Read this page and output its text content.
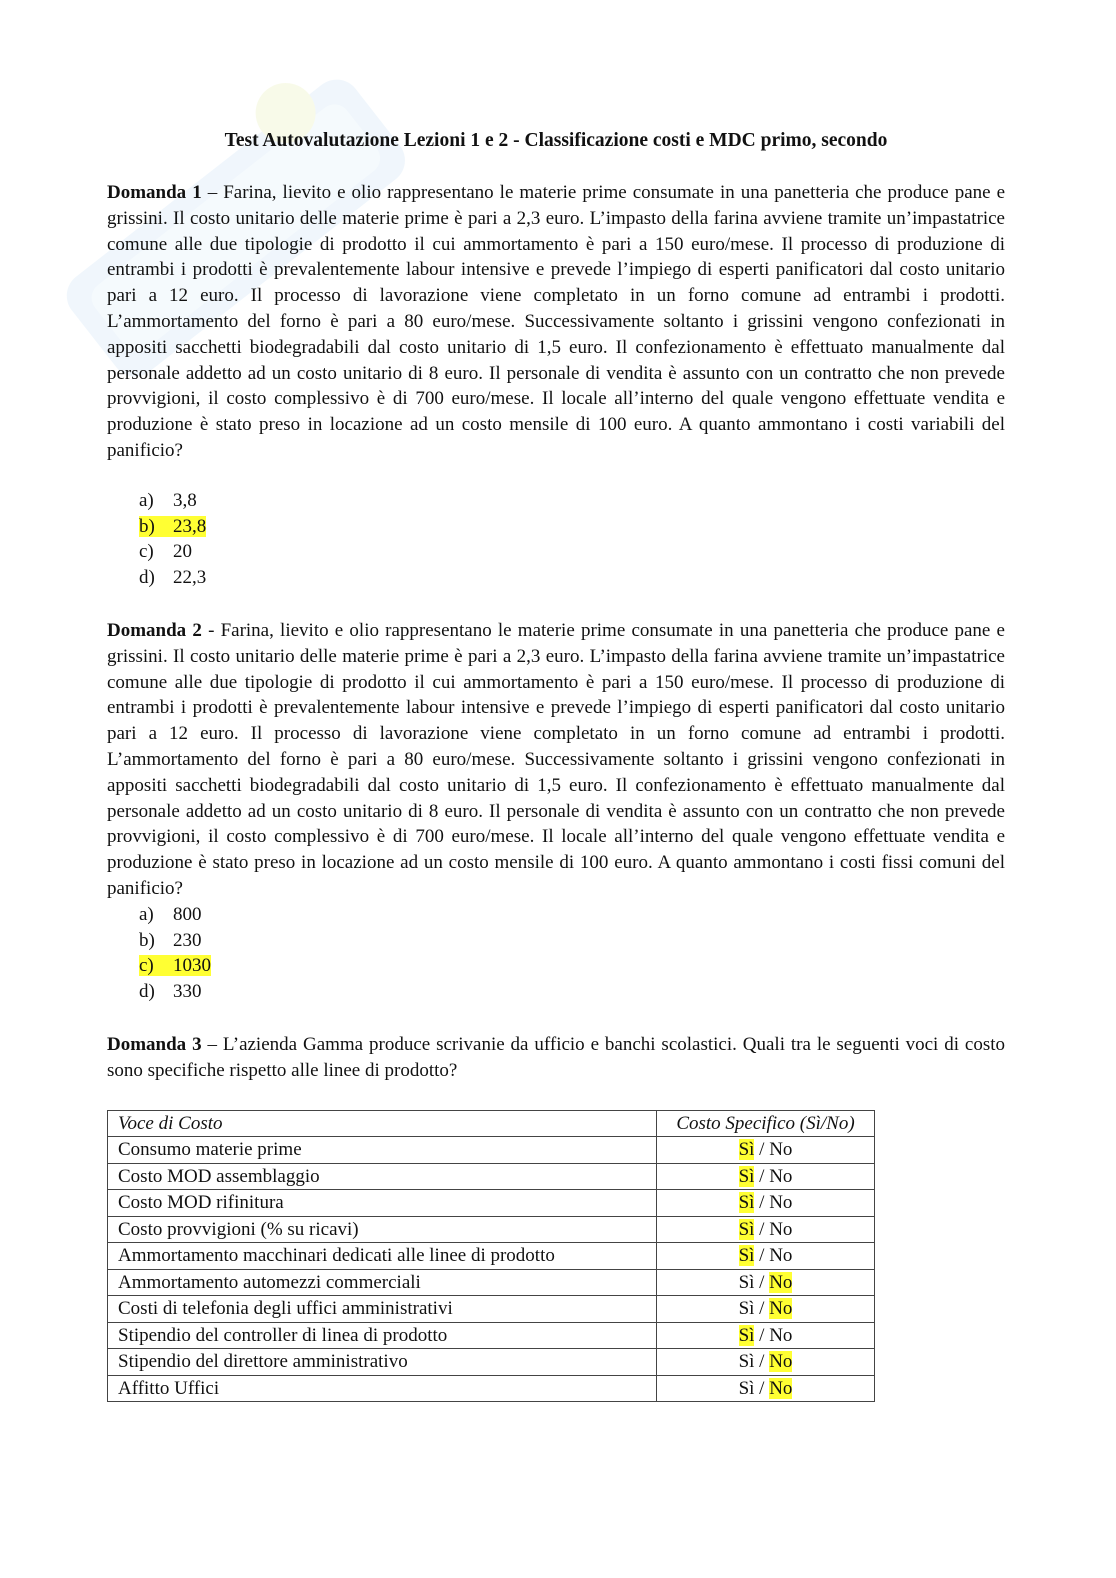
Test Autovalutazione Lezioni 1 e 2 - Classificazione costi e MDC primo, secondo

Domanda 1 – Farina, lievito e olio rappresentano le materie prime consumate in una panetteria che produce pane e grissini. Il costo unitario delle materie prime è pari a 2,3 euro. L’impasto della farina avviene tramite un’impastatrice comune alle due tipologie di prodotto il cui ammortamento è pari a 150 euro/mese. Il processo di produzione di entrambi i prodotti è prevalentemente labour intensive e prevede l’impiego di esperti panificatori dal costo unitario pari a 12 euro. Il processo di lavorazione viene completato in un forno comune ad entrambi i prodotti. L’ammortamento del forno è pari a 80 euro/mese. Successivamente soltanto i grissini vengono confezionati in appositi sacchetti biodegradabili dal costo unitario di 1,5 euro. Il confezionamento è effettuato manualmente dal personale addetto ad un costo unitario di 8 euro. Il personale di vendita è assunto con un contratto che non prevede provvigioni, il costo complessivo è di 700 euro/mese. Il locale all’interno del quale vengono effettuate vendita e produzione è stato preso in locazione ad un costo mensile di 100 euro. A quanto ammontano i costi variabili del panificio?

a) 3,8
b) 23,8
c) 20
d) 22,3

Domanda 2 - Farina, lievito e olio rappresentano le materie prime consumate in una panetteria che produce pane e grissini. Il costo unitario delle materie prime è pari a 2,3 euro. L’impasto della farina avviene tramite un’impastatrice comune alle due tipologie di prodotto il cui ammortamento è pari a 150 euro/mese. Il processo di produzione di entrambi i prodotti è prevalentemente labour intensive e prevede l’impiego di esperti panificatori dal costo unitario pari a 12 euro. Il processo di lavorazione viene completato in un forno comune ad entrambi i prodotti. L’ammortamento del forno è pari a 80 euro/mese. Successivamente soltanto i grissini vengono confezionati in appositi sacchetti biodegradabili dal costo unitario di 1,5 euro. Il confezionamento è effettuato manualmente dal personale addetto ad un costo unitario di 8 euro. Il personale di vendita è assunto con un contratto che non prevede provvigioni, il costo complessivo è di 700 euro/mese. Il locale all’interno del quale vengono effettuate vendita e produzione è stato preso in locazione ad un costo mensile di 100 euro. A quanto ammontano i costi fissi comuni del panificio?

a) 800
b) 230
c) 1030
d) 330

Domanda 3 – L’azienda Gamma produce scrivanie da ufficio e banchi scolastici. Quali tra le seguenti voci di costo sono specifiche rispetto alle linee di prodotto?

Voce di Costo	Costo Specifico (Sì/No)
Consumo materie prime	Sì / No
Costo MOD assemblaggio	Sì / No
Costo MOD rifinitura	Sì / No
Costo provvigioni (% su ricavi)	Sì / No
Ammortamento macchinari dedicati alle linee di prodotto	Sì / No
Ammortamento automezzi commerciali	Sì / No
Costi di telefonia degli uffici amministrativi	Sì / No
Stipendio del controller di linea di prodotto	Sì / No
Stipendio del direttore amministrativo	Sì / No
Affitto Uffici	Sì / No
